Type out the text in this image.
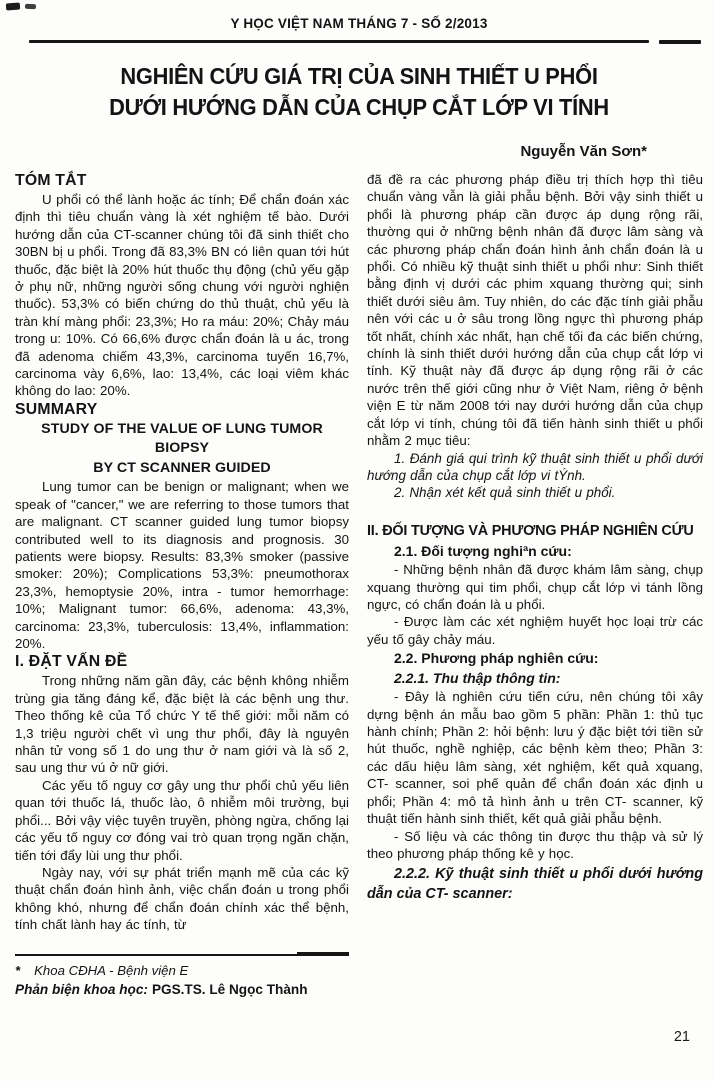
Y HỌC VIỆT NAM THÁNG 7 - SỐ 2/2013
NGHIÊN CỨU GIÁ TRỊ CỦA SINH THIẾT U PHỔI
DƯỚI HƯỚNG DẪN CỦA CHỤP CẮT LỚP VI TÍNH
Nguyễn Văn Sơn*
TÓM TẮT

U phổi có thể lành hoặc ác tính; Để chẩn đoán xác định thì tiêu chuẩn vàng là xét nghiệm tế bào. Dưới hướng dẫn của CT-scanner chúng tôi đã sinh thiết cho 30BN bị u phổi. Trong đã 83,3% BN có liên quan tới hút thuốc, đặc biệt là 20% hút thuốc thụ động (chủ yếu gặp ở phụ nữ, những người sống chung với người nghiện thuốc). 53,3% có biến chứng do thủ thuật, chủ yếu là tràn khí màng phổi: 23,3%; Ho ra máu: 20%; Chảy máu trong u: 10%. Có 66,6% được chẩn đoán là u ác, trong đã adenoma chiếm 43,3%, carcinoma tuyến 16,7%, carcinoma vày 6,6%, lao: 13,4%, các loại viêm khác không do lao: 20%.

SUMMARY
STUDY OF THE VALUE OF LUNG TUMOR BIOPSY
BY CT SCANNER GUIDED

Lung tumor can be benign or malignant; when we speak of "cancer," we are referring to those tumors that are malignant. CT scanner guided lung tumor biopsy contributed well to its diagnosis and prognosis. 30 patients were biopsy. Results: 83,3% smoker (passive smoker: 20%); Complications 53,3%: pneumothorax 23,3%, hemoptysie 20%, intra - tumor hemorrhage: 10%; Malignant tumor: 66,6%, adenoma: 43,3%, carcinoma: 23,3%, tuberculosis: 13,4%, inflammation: 20%.

I. ĐẶT VẤN ĐỀ

Trong những năm gần đây, các bệnh không nhiễm trùng gia tăng đáng kể, đặc biệt là các bệnh ung thư. Theo thống kê của Tổ chức Y tế thế giới: mỗi năm có 1,3 triệu người chết vì ung thư phổi, đây là nguyên nhân tử vong số 1 do ung thư ở nam giới và là số 2, sau ung thư vú ở nữ giới.

Các yếu tố nguy cơ gây ung thư phổi chủ yếu liên quan tới thuốc lá, thuốc lào, ô nhiễm môi trường, bụi phổi... Bởi vậy việc tuyên truyền, phòng ngừa, chống lại các yếu tố nguy cơ đóng vai trò quan trọng ngăn chặn, tiến tới đẩy lùi ung thư phổi.

Ngày nay, với sự phát triển mạnh mẽ của các kỹ thuật chẩn đoán hình ảnh, việc chẩn đoán u trong phổi không khó, nhưng để chẩn đoán chính xác thể bệnh, tính chất lành hay ác tính, từ

* Khoa CĐHA - Bệnh viện E
Phản biện khoa học: PGS.TS. Lê Ngọc Thành

đã đề ra các phương pháp điều trị thích hợp thì tiêu chuẩn vàng vẫn là giải phẫu bệnh. Bởi vậy sinh thiết u phổi là phương pháp cần được áp dụng rộng rãi, thường qui ở những bệnh nhân đã được lâm sàng và các phương pháp chẩn đoán hình ảnh chẩn đoán là u phổi. Có nhiều kỹ thuật sinh thiết u phổi như: Sinh thiết bằng định vị dưới các phim xquang thường qui; sinh thiết dưới siêu âm. Tuy nhiên, do các đặc tính giải phẫu nên với các u ở sâu trong lồng ngực thì phương pháp tốt nhất, chính xác nhất, hạn chế tối đa các biến chứng, chính là sinh thiết dưới hướng dẫn của chụp cắt lớp vi tính. Kỹ thuật này đã được áp dụng rộng rãi ở các nước trên thế giới cũng như ở Việt Nam, riêng ở bệnh viện E từ năm 2008 tới nay dưới hướng dẫn của chụp cắt lớp vi tính, chúng tôi đã tiến hành sinh thiết u phổi nhằm 2 mục tiêu:

1. Đánh giá qui trình kỹ thuật sinh thiết u phổi dưới hướng dẫn của chụp cắt lớp vi tÝnh.

2. Nhận xét kết quả sinh thiết u phổi.

II. ĐỐI TƯỢNG VÀ PHƯƠNG PHÁP NGHIÊN CỨU
2.1. Đối tượng nghiªn cứu:

- Những bệnh nhân đã được khám lâm sàng, chụp xquang thường qui tim phổi, chụp cắt lớp vi tánh lồng ngực, có chẩn đoán là u phổi.

- Được làm các xét nghiệm huyết học loại trừ các yếu tố gây chảy máu.

2.2. Phương pháp nghiên cứu:
2.2.1. Thu thập thông tin:

- Đây là nghiên cứu tiến cứu, nên chúng tôi xây dựng bệnh án mẫu bao gồm 5 phần: Phần 1: thủ tục hành chính; Phần 2: hỏi bệnh: lưu ý đặc biệt tới tiền sử hút thuốc, nghề nghiệp, các bệnh kèm theo; Phần 3: các dấu hiệu lâm sàng, xét nghiệm, kết quả xquang, CT- scanner, soi phế quản để chẩn đoán xác định u phổi; Phần 4: mô tả hình ảnh u trên CT- scanner, kỹ thuật tiến hành sinh thiết, kết quả giải phẫu bệnh.

- Số liệu và các thông tin được thu thập và sử lý theo phương pháp thống kê y học.

2.2.2. Kỹ thuật sinh thiết u phổi dưới hướng dẫn của CT- scanner:
21
